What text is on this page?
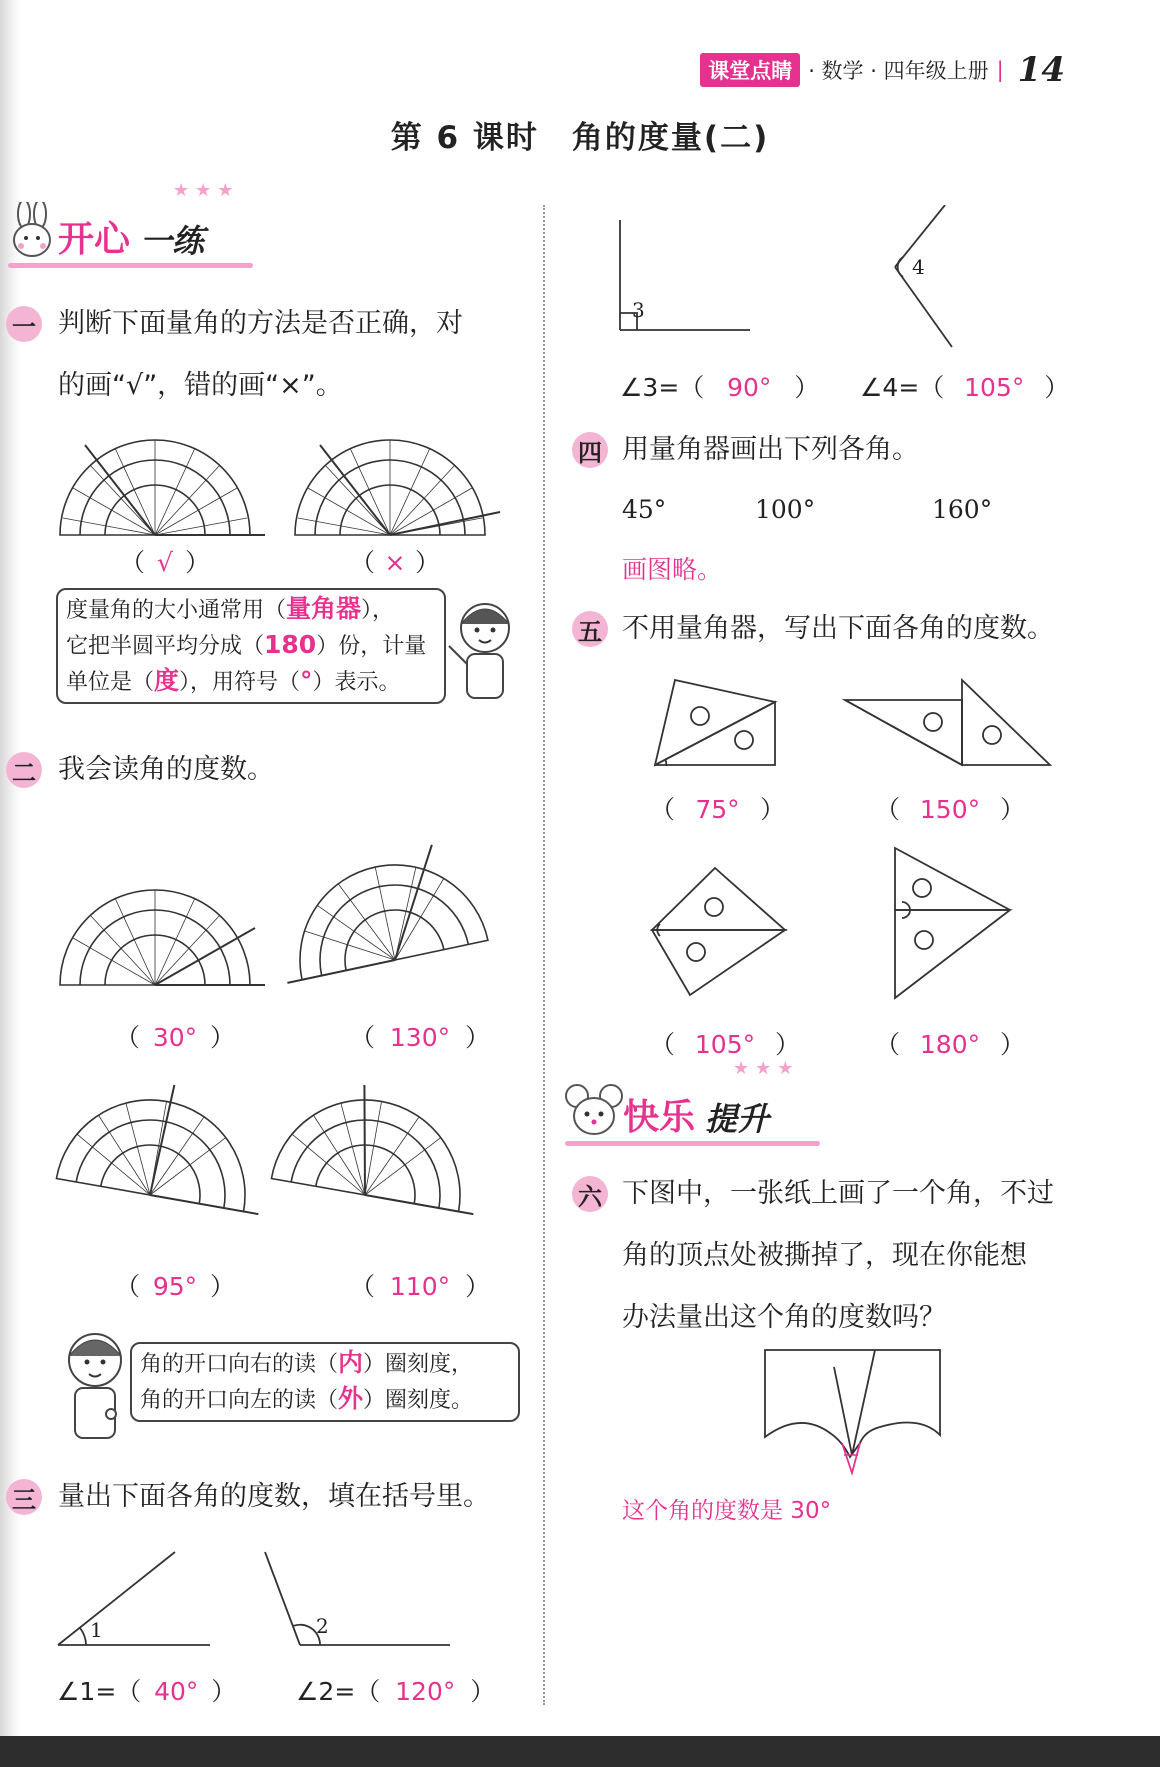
课堂点睛 · 数学 · 四年级上册 | 14
第 6 课时　角的度量(二)
开心 一练
★★★
一 判断下面量角的方法是否正确，对
的画“√”，错的画“×”。
（ √ ）	（ × ）
度量角的大小通常用（量角器），
它把半圆平均分成（180）份，计量
单位是（度），用符号（°）表示。
二 我会读角的度数。
（ 30° ）	（ 130° ）
（ 95° ）	（ 110° ）
角的开口向右的读（内）圈刻度，
角的开口向左的读（外）圈刻度。
三 量出下面各角的度数，填在括号里。
1	2
∠1=（ 40° ） ∠2=（ 120° ）
3
4
∠3=（ 90° ） ∠4=（ 105° ）
四 用量角器画出下列各角。
45°	100°	160°
画图略。
五 不用量角器，写出下面各角的度数。
（ 75° ）	（ 150° ）
（ 105° ）	（ 180° ）
快乐 提升
★★★
六 下图中，一张纸上画了一个角，不过
角的顶点处被撕掉了，现在你能想
办法量出这个角的度数吗？
这个角的度数是 30°
